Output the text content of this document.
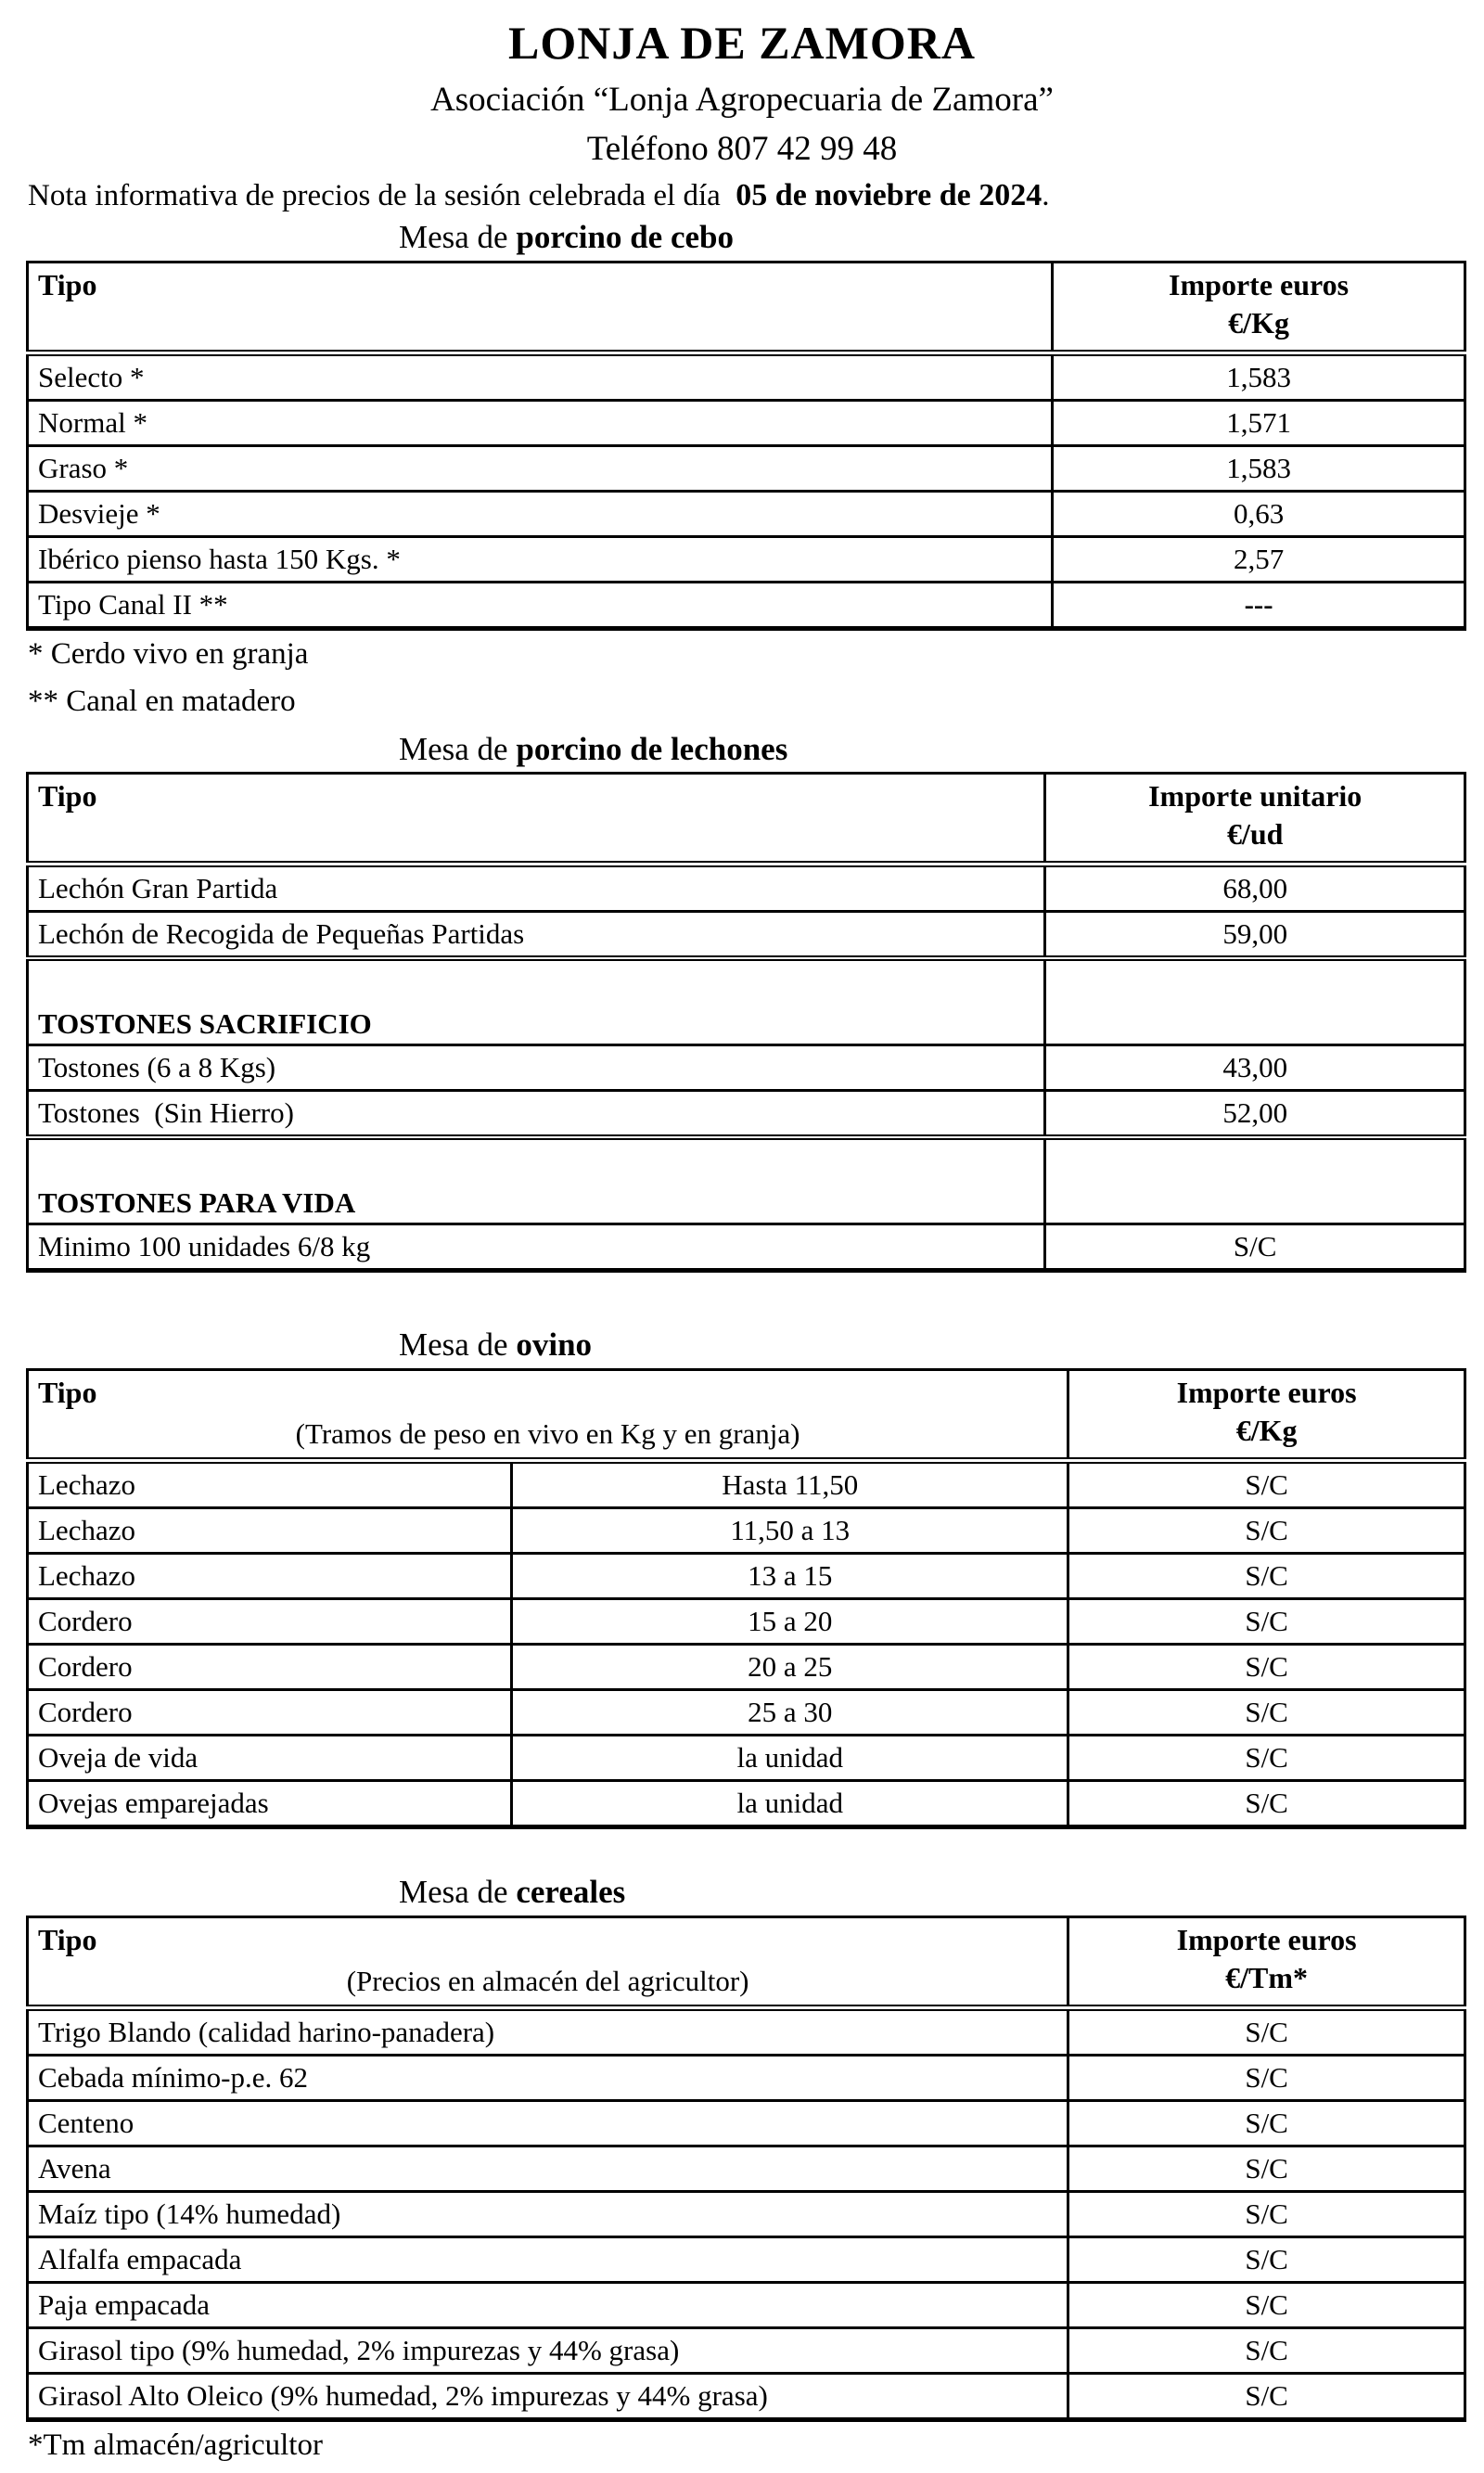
LONJA DE ZAMORA
Asociación “Lonja Agropecuaria de Zamora”
Teléfono 807 42 99 48
Nota informativa de precios de la sesión celebrada el día  05 de noviebre de 2024.
Mesa de porcino de cebo
Tipo	Importe euros
€/Kg

Selecto *	1,583
Normal *	1,571
Graso *	1,583
Desvieje *	0,63
Ibérico pienso hasta 150 Kgs. *	2,57
Tipo Canal II **	---
* Cerdo vivo en granja
** Canal en matadero
Mesa de porcino de lechones
Tipo	Importe unitario
€/ud

Lechón Gran Partida	68,00
Lechón de Recogida de Pequeñas Partidas	59,00
TOSTONES SACRIFICIO	
Tostones (6 a 8 Kgs)	43,00
Tostones  (Sin Hierro)	52,00
TOSTONES PARA VIDA	
Minimo 100 unidades 6/8 kg	S/C
Mesa de ovino
Tipo
(Tramos de peso en vivo en Kg y en granja)

Importe euros
€/Kg

Lechazo	Hasta 11,50	S/C
Lechazo	11,50 a 13	S/C
Lechazo	13 a 15	S/C
Cordero	15 a 20	S/C
Cordero	20 a 25	S/C
Cordero	25 a 30	S/C
Oveja de vida	la unidad	S/C
Ovejas emparejadas	la unidad	S/C
Mesa de cereales
Tipo
(Precios en almacén del agricultor)

Importe euros
€/Tm*

Trigo Blando (calidad harino-panadera)	S/C
Cebada mínimo-p.e. 62	S/C
Centeno	S/C
Avena	S/C
Maíz tipo (14% humedad)	S/C
Alfalfa empacada	S/C
Paja empacada	S/C
Girasol tipo (9% humedad, 2% impurezas y 44% grasa)	S/C
Girasol Alto Oleico (9% humedad, 2% impurezas y 44% grasa)	S/C
*Tm almacén/agricultor
